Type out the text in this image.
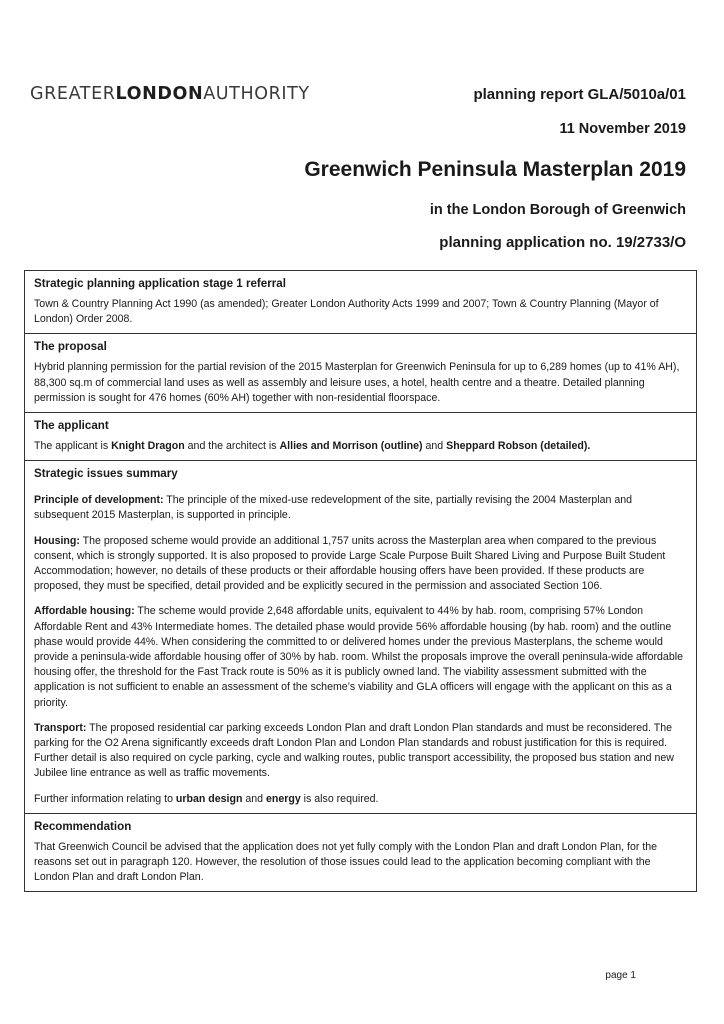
GREATERLONDONAUTHORITY	planning report GLA/5010a/01
11 November 2019
Greenwich Peninsula Masterplan 2019
in the London Borough of Greenwich
planning application no. 19/2733/O
Strategic planning application stage 1 referral

Town & Country Planning Act 1990 (as amended); Greater London Authority Acts 1999 and 2007; Town & Country Planning (Mayor of London) Order 2008.

The proposal

Hybrid planning permission for the partial revision of the 2015 Masterplan for Greenwich Peninsula for up to 6,289 homes (up to 41% AH), 88,300 sq.m of commercial land uses as well as assembly and leisure uses, a hotel, health centre and a theatre. Detailed planning permission is sought for 476 homes (60% AH) together with non-residential floorspace.

The applicant

The applicant is Knight Dragon and the architect is Allies and Morrison (outline) and Sheppard Robson (detailed).

Strategic issues summary

Principle of development: The principle of the mixed-use redevelopment of the site, partially revising the 2004 Masterplan and subsequent 2015 Masterplan, is supported in principle.

Housing: The proposed scheme would provide an additional 1,757 units across the Masterplan area when compared to the previous consent, which is strongly supported. It is also proposed to provide Large Scale Purpose Built Shared Living and Purpose Built Student Accommodation; however, no details of these products or their affordable housing offers have been provided. If these products are proposed, they must be specified, detail provided and be explicitly secured in the permission and associated Section 106.

Affordable housing: The scheme would provide 2,648 affordable units, equivalent to 44% by hab. room, comprising 57% London Affordable Rent and 43% Intermediate homes. The detailed phase would provide 56% affordable housing (by hab. room) and the outline phase would provide 44%. When considering the committed to or delivered homes under the previous Masterplans, the scheme would provide a peninsula-wide affordable housing offer of 30% by hab. room. Whilst the proposals improve the overall peninsula-wide affordable housing offer, the threshold for the Fast Track route is 50% as it is publicly owned land. The viability assessment submitted with the application is not sufficient to enable an assessment of the scheme’s viability and GLA officers will engage with the applicant on this as a priority.

Transport: The proposed residential car parking exceeds London Plan and draft London Plan standards and must be reconsidered. The parking for the O2 Arena significantly exceeds draft London Plan and London Plan standards and robust justification for this is required. Further detail is also required on cycle parking, cycle and walking routes, public transport accessibility, the proposed bus station and new Jubilee line entrance as well as traffic movements.

Further information relating to urban design and energy is also required.

Recommendation

That Greenwich Council be advised that the application does not yet fully comply with the London Plan and draft London Plan, for the reasons set out in paragraph 120. However, the resolution of those issues could lead to the application becoming compliant with the London Plan and draft London Plan.

page 1
